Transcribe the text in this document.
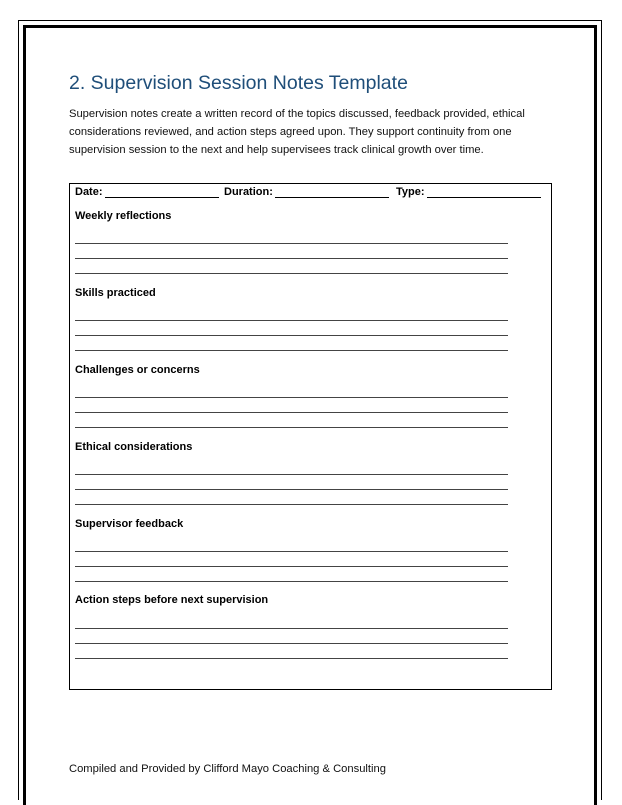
2. Supervision Session Notes Template

Supervision notes create a written record of the topics discussed, feedback provided, ethical considerations reviewed, and action steps agreed upon. They support continuity from one supervision session to the next and help supervisees track clinical growth over time.

Date:	Duration:	Type:

Weekly reflections

Skills practiced

Challenges or concerns

Ethical considerations

Supervisor feedback

Action steps before next supervision

Compiled and Provided by Clifford Mayo Coaching & Consulting
